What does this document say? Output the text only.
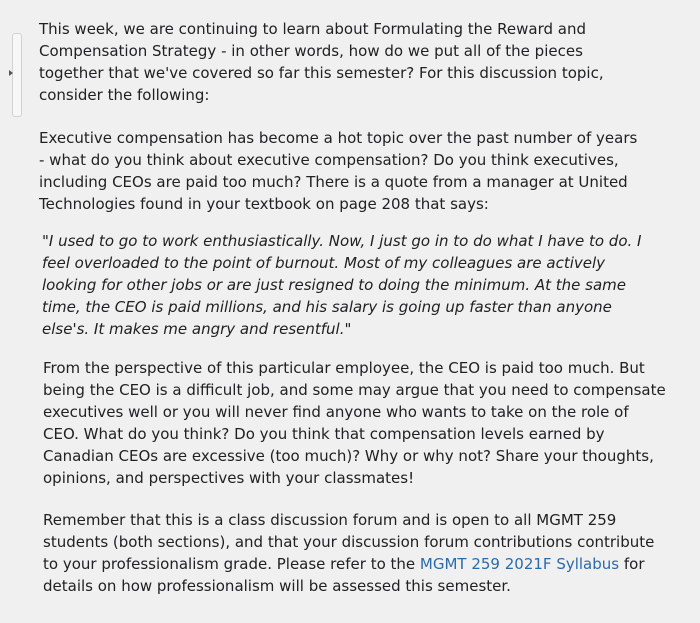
This week, we are continuing to learn about Formulating the Reward and Compensation Strategy - in other words, how do we put all of the pieces together that we've covered so far this semester? For this discussion topic, consider the following:

Executive compensation has become a hot topic over the past number of years - what do you think about executive compensation? Do you think executives, including CEOs are paid too much? There is a quote from a manager at United Technologies found in your textbook on page 208 that says:

"I used to go to work enthusiastically. Now, I just go in to do what I have to do. I feel overloaded to the point of burnout. Most of my colleagues are actively looking for other jobs or are just resigned to doing the minimum. At the same time, the CEO is paid millions, and his salary is going up faster than anyone else's. It makes me angry and resentful."

From the perspective of this particular employee, the CEO is paid too much. But being the CEO is a difficult job, and some may argue that you need to compensate executives well or you will never find anyone who wants to take on the role of CEO. What do you think? Do you think that compensation levels earned by Canadian CEOs are excessive (too much)? Why or why not? Share your thoughts, opinions, and perspectives with your classmates!

Remember that this is a class discussion forum and is open to all MGMT 259 students (both sections), and that your discussion forum contributions contribute to your professionalism grade. Please refer to the MGMT 259 2021F Syllabus for details on how professionalism will be assessed this semester.
